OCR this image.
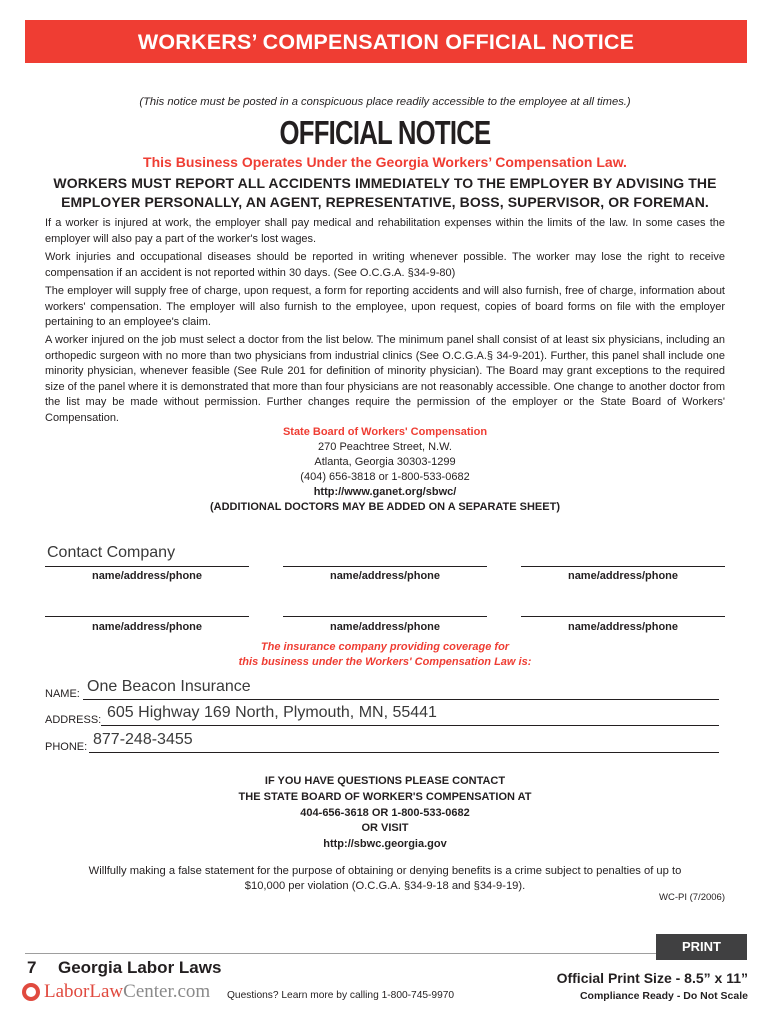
WORKERS’ COMPENSATION OFFICIAL NOTICE
(This notice must be posted in a conspicuous place readily accessible to the employee at all times.)
OFFICIAL NOTICE
This Business Operates Under the Georgia Workers’ Compensation Law.
WORKERS MUST REPORT ALL ACCIDENTS IMMEDIATELY TO THE EMPLOYER BY ADVISING THE
EMPLOYER PERSONALLY, AN AGENT, REPRESENTATIVE, BOSS, SUPERVISOR, OR FOREMAN.
If a worker is injured at work, the employer shall pay medical and rehabilitation expenses within the limits of the law. In some cases the employer will also pay a part of the worker's lost wages.
Work injuries and occupational diseases should be reported in writing whenever possible. The worker may lose the right to receive compensation if an accident is not reported within 30 days. (See O.C.G.A. §34-9-80)
The employer will supply free of charge, upon request, a form for reporting accidents and will also furnish, free of charge, information about workers' compensation. The employer will also furnish to the employee, upon request, copies of board forms on file with the employer pertaining to an employee's claim.
A worker injured on the job must select a doctor from the list below. The minimum panel shall consist of at least six physicians, including an orthopedic surgeon with no more than two physicians from industrial clinics (See O.C.G.A.§ 34-9-201). Further, this panel shall include one minority physician, whenever feasible (See Rule 201 for definition of minority physician). The Board may grant exceptions to the required size of the panel where it is demonstrated that more than four physicians are not reasonably accessible. One change to another doctor from the list may be made without permission. Further changes require the permission of the employer or the State Board of Workers' Compensation.
State Board of Workers' Compensation
270 Peachtree Street, N.W.
Atlanta, Georgia 30303-1299
(404) 656-3818 or 1-800-533-0682
http://www.ganet.org/sbwc/
(ADDITIONAL DOCTORS MAY BE ADDED ON A SEPARATE SHEET)
Contact Company
name/address/phone	name/address/phone	name/address/phone
name/address/phone	name/address/phone	name/address/phone
The insurance company providing coverage for
this business under the Workers' Compensation Law is:
NAME: One Beacon Insurance
ADDRESS: 605 Highway 169 North, Plymouth, MN, 55441
PHONE: 877-248-3455
IF YOU HAVE QUESTIONS PLEASE CONTACT
THE STATE BOARD OF WORKER'S COMPENSATION AT
404-656-3618 OR 1-800-533-0682
OR VISIT
http://sbwc.georgia.gov
Willfully making a false statement for the purpose of obtaining or denying benefits is a crime subject to penalties of up to
$10,000 per violation (O.C.G.A. §34-9-18 and §34-9-19).
WC-PI (7/2006)
PRINT
7 Georgia Labor Laws
LaborLaw Center.com Questions? Learn more by calling 1-800-745-9970
Official Print Size - 8.5” x 11”
Compliance Ready - Do Not Scale
